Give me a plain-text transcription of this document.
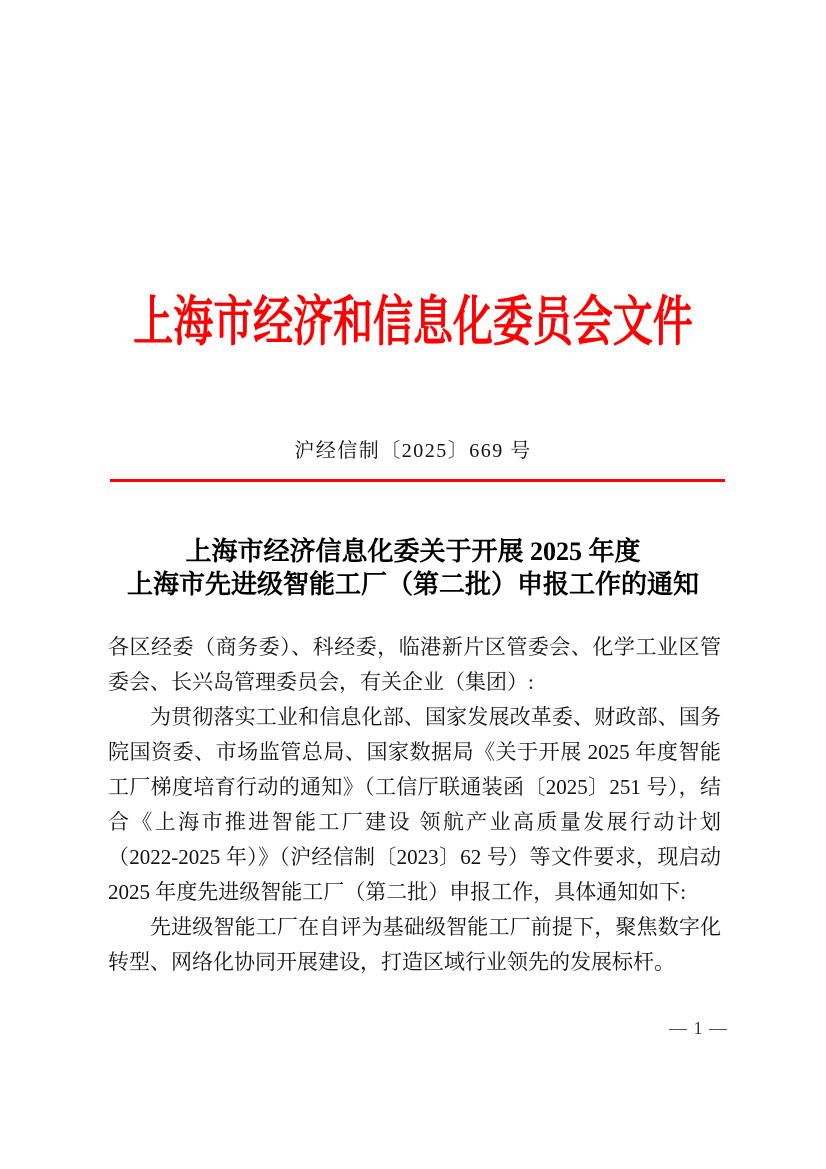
上海市经济和信息化委员会文件
沪经信制〔2025〕669 号
上海市经济信息化委关于开展 2025 年度
上海市先进级智能工厂（第二批）申报工作的通知

各区经委（商务委）、科经委，临港新片区管委会、化学工业区管委会、长兴岛管理委员会，有关企业（集团）:

为贯彻落实工业和信息化部、国家发展改革委、财政部、国务院国资委、市场监管总局、国家数据局《关于开展 2025 年度智能工厂梯度培育行动的通知》（工信厅联通装函〔2025〕251 号），结合《上海市推进智能工厂建设 领航产业高质量发展行动计划（2022-2025 年）》（沪经信制〔2023〕62 号）等文件要求，现启动 2025 年度先进级智能工厂（第二批）申报工作，具体通知如下:

先进级智能工厂在自评为基础级智能工厂前提下，聚焦数字化转型、网络化协同开展建设，打造区域行业领先的发展标杆。

— 1 —
